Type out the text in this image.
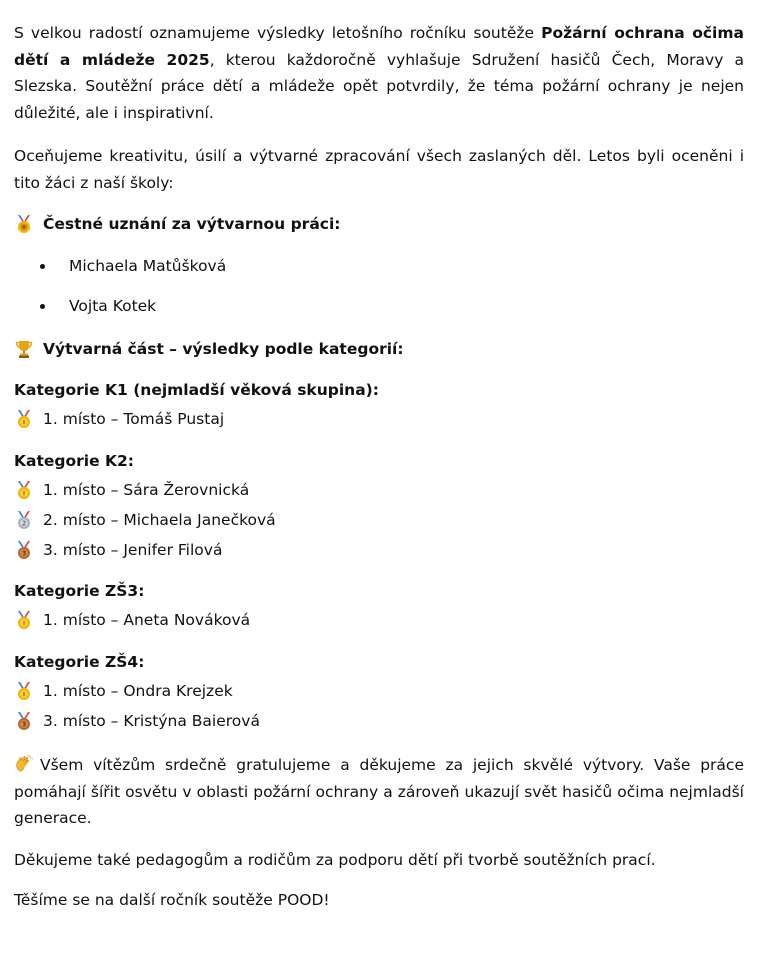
S velkou radostí oznamujeme výsledky letošního ročníku soutěže Požární ochrana očima dětí a mládeže 2025, kterou každoročně vyhlašuje Sdružení hasičů Čech, Moravy a Slezska. Soutěžní práce dětí a mládeže opět potvrdily, že téma požární ochrany je nejen důležité, ale i inspirativní.

Oceňujeme kreativitu, úsilí a výtvarné zpracování všech zaslaných děl. Letos byli oceněni i tito žáci z naší školy:

Čestné uznání za výtvarnou práci:
Michaela Matůšková
Vojta Kotek
Výtvarná část – výsledky podle kategorií:
Kategorie K1 (nejmladší věková skupina):
1. místo – Tomáš Pustaj
Kategorie K2:
1. místo – Sára Žerovnická
2. místo – Michaela Janečková
3. místo – Jenifer Filová
Kategorie ZŠ3:
1. místo – Aneta Nováková
Kategorie ZŠ4:
1. místo – Ondra Krejzek
3. místo – Kristýna Baierová

Všem vítězům srdečně gratulujeme a děkujeme za jejich skvělé výtvory. Vaše práce pomáhají šířit osvětu v oblasti požární ochrany a zároveň ukazují svět hasičů očima nejmladší generace.

Děkujeme také pedagogům a rodičům za podporu dětí při tvorbě soutěžních prací.

Těšíme se na další ročník soutěže POOD!
